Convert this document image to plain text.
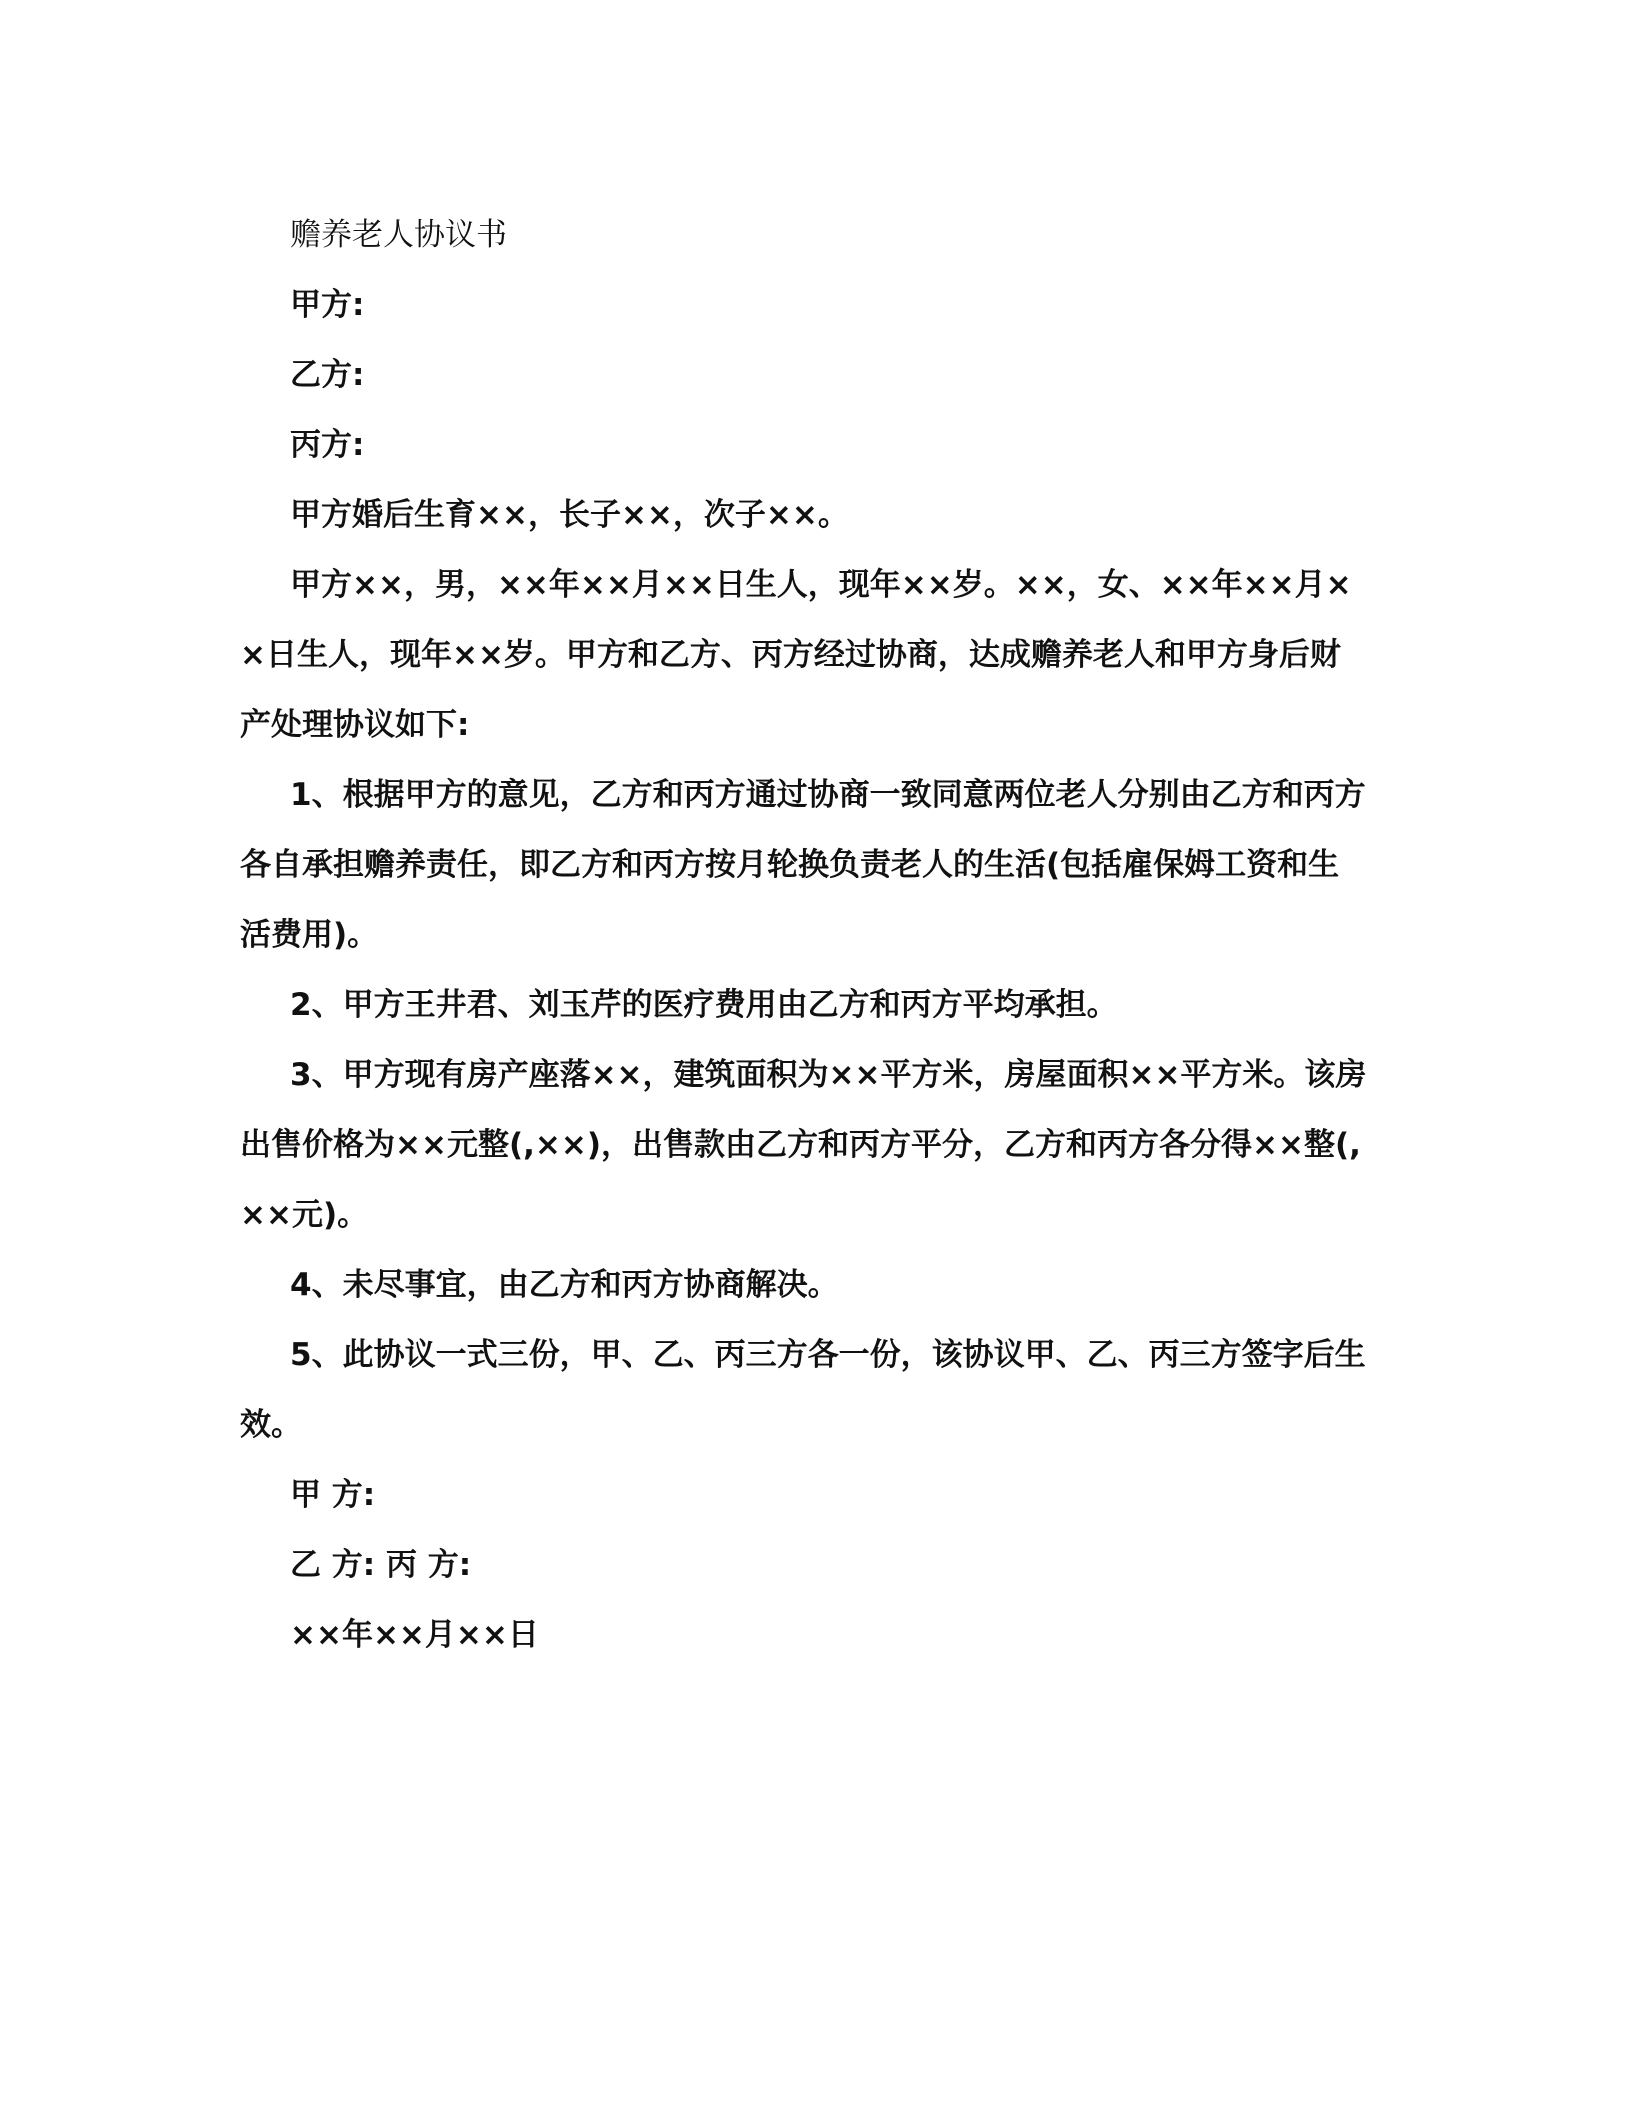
赡养老人协议书

甲方:

乙方:

丙方:

甲方婚后生育××，长子××，次子××。

甲方××，男，××年××月××日生人，现年××岁。××，女、××年××月××日生人，现年××岁。甲方和乙方、丙方经过协商，达成赡养老人和甲方身后财产处理协议如下:

1、根据甲方的意见，乙方和丙方通过协商一致同意两位老人分别由乙方和丙方各自承担赡养责任，即乙方和丙方按月轮换负责老人的生活(包括雇保姆工资和生活费用)。

2、甲方王井君、刘玉芹的医疗费用由乙方和丙方平均承担。

3、甲方现有房产座落××，建筑面积为××平方米，房屋面积××平方米。该房出售价格为××元整(,××)，出售款由乙方和丙方平分，乙方和丙方各分得××整(,××元)。

4、未尽事宜，由乙方和丙方协商解决。

5、此协议一式三份，甲、乙、丙三方各一份，该协议甲、乙、丙三方签字后生效。

甲 方:

乙 方: 丙 方:

××年××月××日
